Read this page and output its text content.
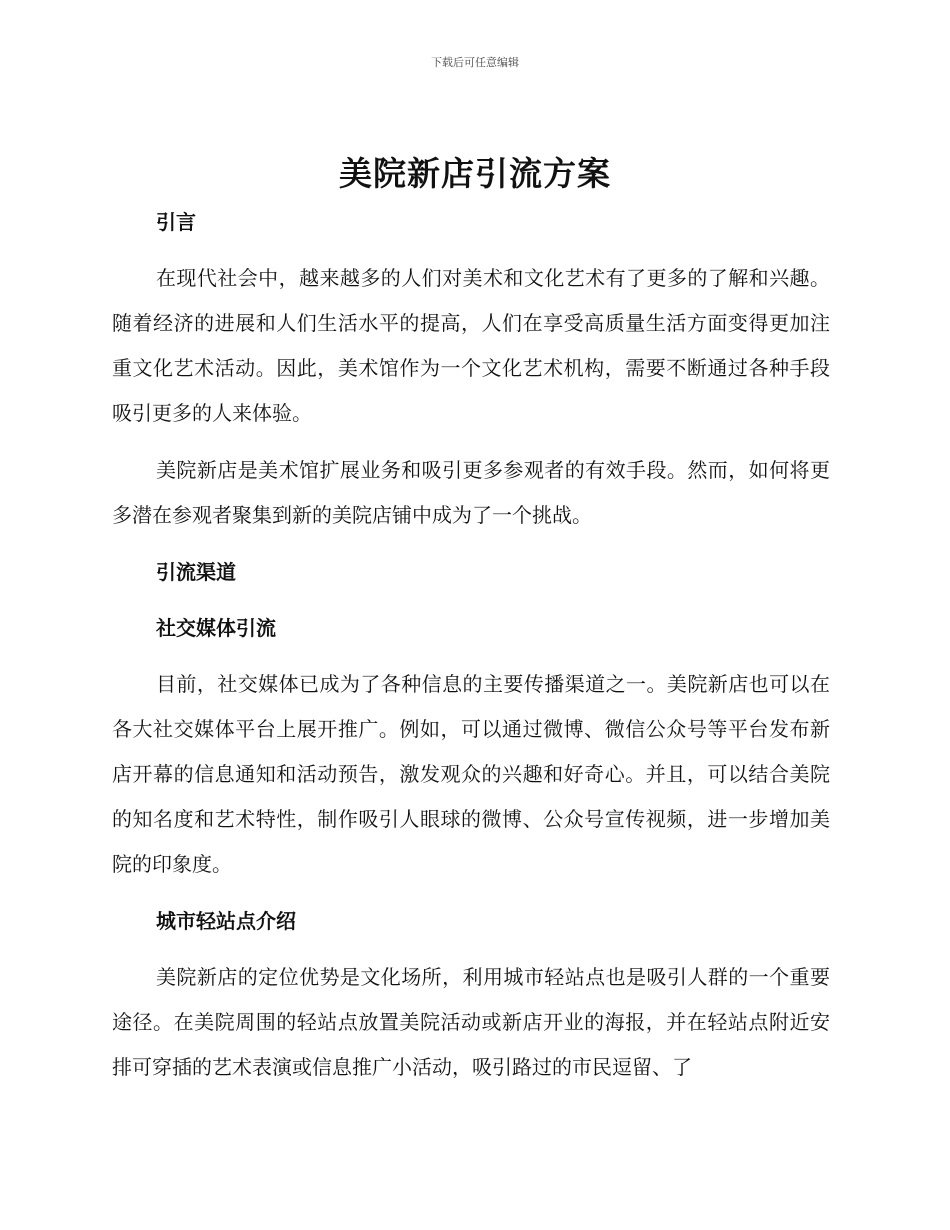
下载后可任意编辑
美院新店引流方案
引言

在现代社会中，越来越多的人们对美术和文化艺术有了更多的了解和兴趣。随着经济的进展和人们生活水平的提高，人们在享受高质量生活方面变得更加注重文化艺术活动。因此，美术馆作为一个文化艺术机构，需要不断通过各种手段吸引更多的人来体验。

美院新店是美术馆扩展业务和吸引更多参观者的有效手段。然而，如何将更多潜在参观者聚集到新的美院店铺中成为了一个挑战。

引流渠道
社交媒体引流

目前，社交媒体已成为了各种信息的主要传播渠道之一。美院新店也可以在各大社交媒体平台上展开推广。例如，可以通过微博、微信公众号等平台发布新店开幕的信息通知和活动预告，激发观众的兴趣和好奇心。并且，可以结合美院的知名度和艺术特性，制作吸引人眼球的微博、公众号宣传视频，进一步增加美院的印象度。

城市轻站点介绍

美院新店的定位优势是文化场所，利用城市轻站点也是吸引人群的一个重要途径。在美院周围的轻站点放置美院活动或新店开业的海报，并在轻站点附近安排可穿插的艺术表演或信息推广小活动，吸引路过的市民逗留、了
